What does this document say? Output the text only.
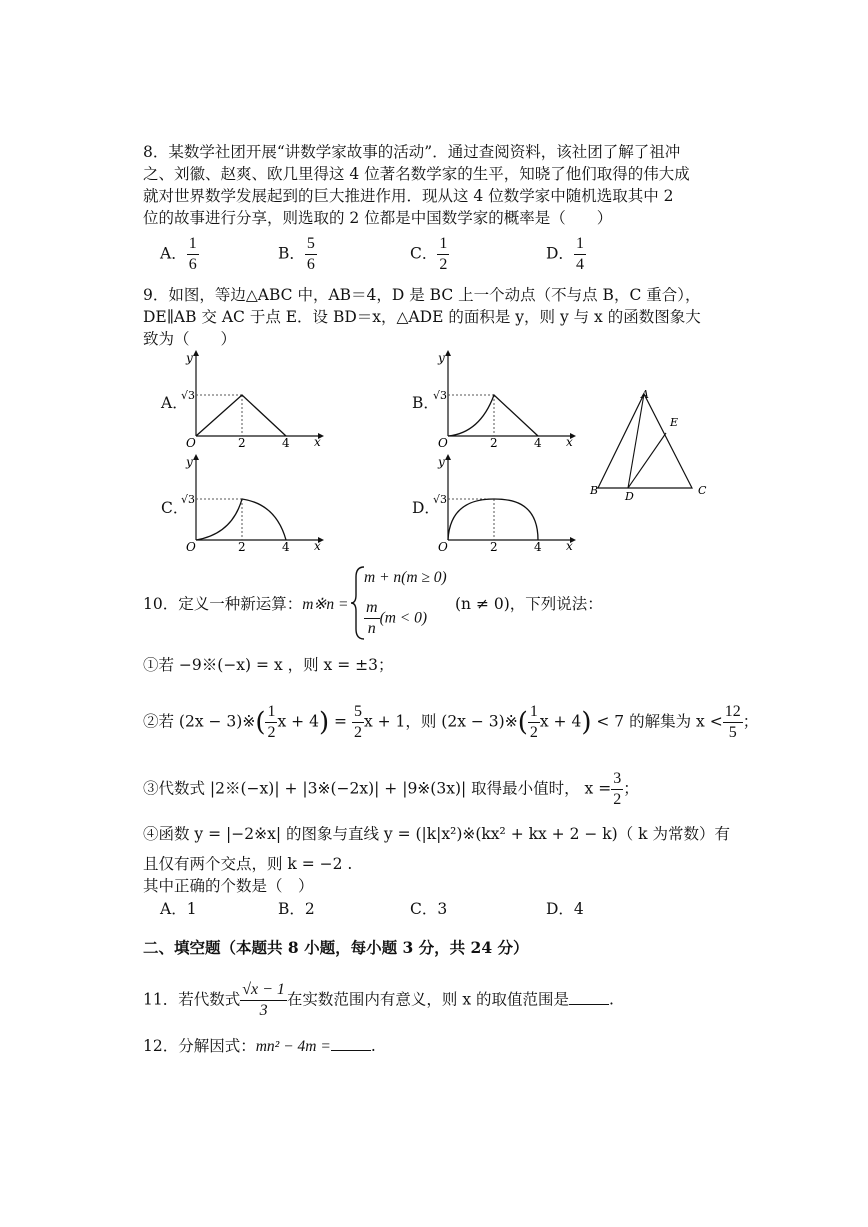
8．某数学社团开展“讲数学家故事的活动”．通过查阅资料，该社团了解了祖冲
之、刘徽、赵爽、欧几里得这 4 位著名数学家的生平，知晓了他们取得的伟大成
就对世界数学发展起到的巨大推进作用．现从这 4 位数学家中随机选取其中 2
位的故事进行分享，则选取的 2 位都是中国数学家的概率是（　　）
A． $\frac{1}{6}$	B． $\frac{5}{6}$	C． $\frac{1}{2}$	D． $\frac{1}{4}$
9．如图，等边△ABC 中，AB＝4，D 是 BC 上一个动点（不与点 B，C 重合），
DE∥AB 交 AC 于点 E．设 BD＝x，△ADE 的面积是 y，则 y 与 x 的函数图象大
致为（　　）
A．	B．
C．	D．
y
x
O
√3
2	4
y
x
O
√3
2	4
y
x
O
√3
2	4
y
x
O
√3
2	4
A
B	C
D
E
10．定义一种新运算：m※n =
m + n(m ≥ 0)
$\frac{m}{n} (m < 0)$
(n ≠ 0)，下列说法：
①若 −9※(−x) = x ，则 x = ±3；
②若 (2x − 3)※( $\frac{1}{2}$ $x + 4) = \frac{5}{2}$ x + 1，则 (2x − 3)※( $\frac{1}{2}$ x + 4) < 7 的解集为 $x < \frac{12}{5}$ ；
③代数式 |2※(−x)| + |3※(−2x)| + |9※(3x)| 取得最小值时， $x = \frac{3}{2}$ ；
④函数 y = |−2※x| 的图象与直线 y = (|k|x²)※(kx² + kx + 2 − k)（ k 为常数）有
且仅有两个交点，则 k = −2 .
其中正确的个数是（　）
A．1	B．2	C．3	D．4
二、填空题（本题共 8 小题，每小题 3 分，共 24 分）
11．若代数式 $\frac{√x - 1}{3}$ 在实数范围内有意义，则 x 的取值范围是	.
12．分解因式：mn² − 4m =	.
